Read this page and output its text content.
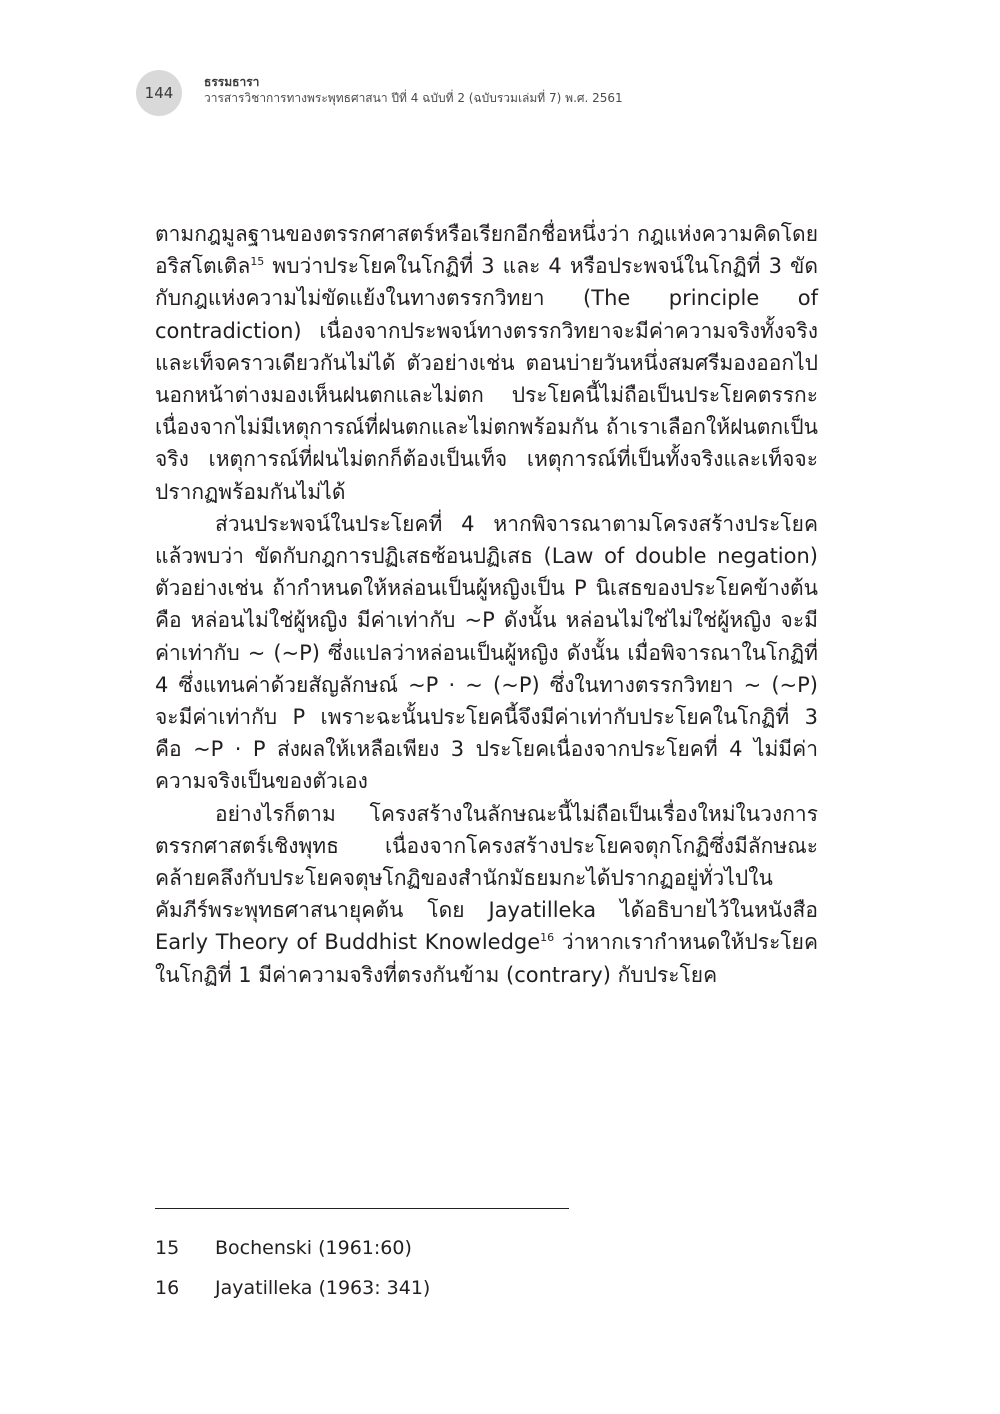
144
ธรรมธารา
วารสารวิชาการทางพระพุทธศาสนา ปีที่ 4 ฉบับที่ 2 (ฉบับรวมเล่มที่ 7) พ.ศ. 2561

ตามกฎมูลฐานของตรรกศาสตร์หรือเรียกอีกชื่อหนึ่งว่า กฎแห่งความคิดโดยอริสโตเติล$^{15}$ พบว่าประโยคในโกฏิที่ 3 และ 4 หรือประพจน์ในโกฏิที่ 3 ขัดกับกฎแห่งความไม่ขัดแย้งในทางตรรกวิทยา (The principle of contradiction) เนื่องจากประพจน์ทางตรรกวิทยาจะมีค่าความจริงทั้งจริงและเท็จคราวเดียวกันไม่ได้ ตัวอย่างเช่น ตอนบ่ายวันหนึ่งสมศรีมองออกไปนอกหน้าต่างมองเห็นฝนตกและไม่ตก ประโยคนี้ไม่ถือเป็นประโยคตรรกะ เนื่องจากไม่มีเหตุการณ์ที่ฝนตกและไม่ตกพร้อมกัน ถ้าเราเลือกให้ฝนตกเป็นจริง เหตุการณ์ที่ฝนไม่ตกก็ต้องเป็นเท็จ เหตุการณ์ที่เป็นทั้งจริงและเท็จจะปรากฏพร้อมกันไม่ได้

ส่วนประพจน์ในประโยคที่ 4 หากพิจารณาตามโครงสร้างประโยคแล้วพบว่า ขัดกับกฎการปฏิเสธซ้อนปฏิเสธ (Law of double negation) ตัวอย่างเช่น ถ้ากำหนดให้หล่อนเป็นผู้หญิงเป็น P นิเสธของประโยคข้างต้นคือ หล่อนไม่ใช่ผู้หญิง มีค่าเท่ากับ ~P ดังนั้น หล่อนไม่ใช่ไม่ใช่ผู้หญิง จะมีค่าเท่ากับ ~ (~P) ซึ่งแปลว่าหล่อนเป็นผู้หญิง ดังนั้น เมื่อพิจารณาในโกฏิที่ 4 ซึ่งแทนค่าด้วยสัญลักษณ์ ~P · ~ (~P) ซึ่งในทางตรรกวิทยา ~ (~P) จะมีค่าเท่ากับ P เพราะฉะนั้นประโยคนี้จึงมีค่าเท่ากับประโยคในโกฏิที่ 3 คือ ~P · P ส่งผลให้เหลือเพียง 3 ประโยคเนื่องจากประโยคที่ 4 ไม่มีค่าความจริงเป็นของตัวเอง

อย่างไรก็ตาม โครงสร้างในลักษณะนี้ไม่ถือเป็นเรื่องใหม่ในวงการตรรกศาสตร์เชิงพุทธ เนื่องจากโครงสร้างประโยคจตุกโกฏิซึ่งมีลักษณะคล้ายคลึงกับประโยคจตุษโกฏิของสำนักมัธยมกะได้ปรากฏอยู่ทั่วไปในคัมภีร์พระพุทธศาสนายุคต้น โดย Jayatilleka ได้อธิบายไว้ในหนังสือ Early Theory of Buddhist Knowledge$^{16}$ ว่าหากเรากำหนดให้ประโยคในโกฏิที่ 1 มีค่าความจริงที่ตรงกันข้าม (contrary) กับประโยค

15	Bochenski (1961:60)
16	Jayatilleka (1963: 341)
